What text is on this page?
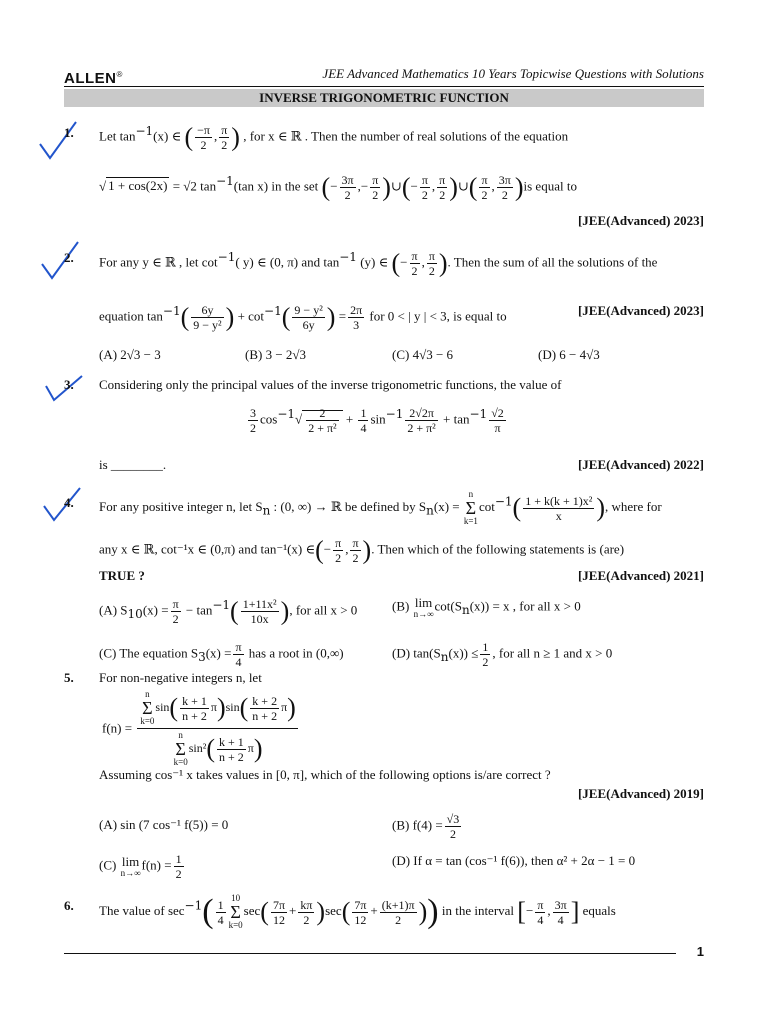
ALLEN®	JEE Advanced Mathematics 10 Years Topicwise Questions with Solutions
INVERSE TRIGONOMETRIC FUNCTION
1. Let $\tan^{-1}(x)$ ∈ ( $\frac{-\pi}{2}$ , $\frac{\pi}{2}$ ) , for x ∈ ℝ . Then the number of real solutions of the equation
√ 1 + cos(2x) = √2 $\tan^{-1}(\tan$ x) in the set (− $\frac{3\pi}{2}$ ,− $\frac{\pi}{2}$ )∪(− $\frac{\pi}{2}$ , $\frac{\pi}{2}$ )∪( $\frac{\pi}{2}$ , $\frac{3\pi}{2} )is$ equal to
[JEE(Advanced) 2023]
2. For any y ∈ ℝ , let $\cot^{-1}$( y) ∈ (0, π) and $\tan^{-1} (y)$ ∈ (− $\frac{\pi}{2}$ , $\frac{\pi}{2}$ ). Then the sum of all the solutions of the
equation $\tan^{-1}( \frac{6y}{\text{9 − y²}}$ ) + $\cot^{-1}( \frac{\text{9 − y²}}{6y}$ ) = $\frac{2\pi}{3}$ for 0 < | y | < 3, is equal to	[JEE(Advanced) 2023]
(A) 2√3 − 3	(B) 3 − 2√3	(C) 4√3 − 6	(D) 6 − 4√3
3. Considering only the principal values of the inverse trigonometric functions, the value of
$\frac{3}{2} \cos^{-1}√ \frac{2}{\text{2 + π²}} + \frac{1}{4} \sin^{-1} \frac{2√2\pi}{\text{2 + π²}} + \tan^{-1} \frac{√2}{\pi}$
is ________.	[JEE(Advanced) 2022]
4. For any positive integer n, let $S_n$ : (0, ∞) → ℝ be defined by $S_n(x) = n$
Σ
$k=1\cot^{-1}( \frac{\text{1 + k(k + 1)x²}}{x}$ ), where for
any x ∈ ℝ, cot⁻¹x ∈ (0,π) and tan⁻¹(x) ∈(− $\frac{\pi}{2}$ , $\frac{\pi}{2}$ ). Then which of the following statements is (are)
TRUE ?	[JEE(Advanced) 2021]
(A) $S_{10}(x) = \frac{\pi}{2} - \tan^{-1}( \frac{\text{1+11x²}}{10x}$ ), for all x > 0	(B) lim
$n\to\infty\cot(S_n(x)) = x$ , for all x > 0
(C) The equation $S_3(x) = \frac{\pi}{4}$ has a root in (0,∞)	(D) $\tan(S_n(x)) \le \frac{1}{2}$ , for all n ≥ 1 and x > 0
5. For non-negative integers n, let
f(n) = n
Σ
$k=0\sin( \frac{k + 1}{n + 2} \pi)\sin( \frac{k + 2}{n + 2} \pi)$
n
Σ
$k=0\sin^2( \frac{k + 1}{n + 2} \pi)$
Assuming cos⁻¹ x takes values in [0, π], which of the following options is/are correct ?
[JEE(Advanced) 2019]
(A) sin (7 cos⁻¹ f(5)) = 0	(B) $f(4) = \frac{√3}{2}$
(C) lim
$n\to\infty f(n) = \frac{1}{2}$	(D) If α = tan (cos⁻¹ f(6)), then α² + 2α − 1 = 0
6. The value of $\sec^{-1}( \frac{1}{4} 10$
Σ
$k=0\sec( \frac{7\pi}{12} + \frac{k\pi}{2} )\sec( \frac{7\pi}{12} + \frac{(k+1)\pi}{2}$ )) in the interval [− $\frac{\pi}{4}$ , $\frac{3\pi}{4}$ ] equals
1
